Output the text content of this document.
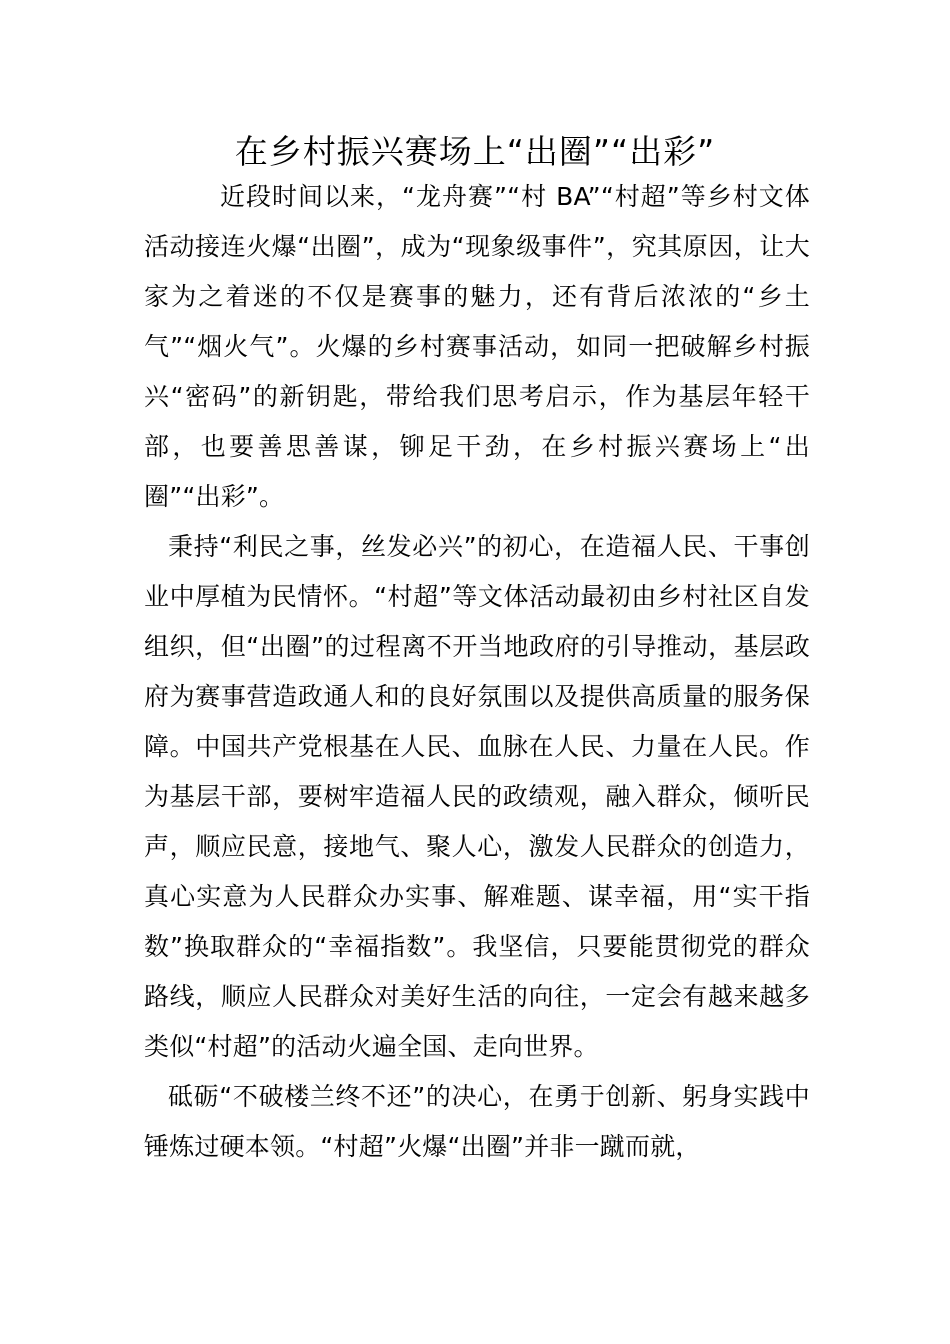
在乡村振兴赛场上“出圈”“出彩”

近段时间以来，“龙舟赛”“村 BA”“村超”等乡村文体活动接连火爆“出圈”，成为“现象级事件”，究其原因，让大家为之着迷的不仅是赛事的魅力，还有背后浓浓的“乡土气”“烟火气”。火爆的乡村赛事活动，如同一把破解乡村振兴“密码”的新钥匙，带给我们思考启示，作为基层年轻干部，也要善思善谋，铆足干劲，在乡村振兴赛场上“出圈”“出彩”。

秉持“利民之事，丝发必兴”的初心，在造福人民、干事创业中厚植为民情怀。“村超”等文体活动最初由乡村社区自发组织，但“出圈”的过程离不开当地政府的引导推动，基层政府为赛事营造政通人和的良好氛围以及提供高质量的服务保障。中国共产党根基在人民、血脉在人民、力量在人民。作为基层干部，要树牢造福人民的政绩观，融入群众，倾听民声，顺应民意，接地气、聚人心，激发人民群众的创造力，真心实意为人民群众办实事、解难题、谋幸福，用“实干指数”换取群众的“幸福指数”。我坚信，只要能贯彻党的群众路线，顺应人民群众对美好生活的向往，一定会有越来越多类似“村超”的活动火遍全国、走向世界。

砥砺“不破楼兰终不还”的决心，在勇于创新、躬身实践中锤炼过硬本领。“村超”火爆“出圈”并非一蹴而就，
